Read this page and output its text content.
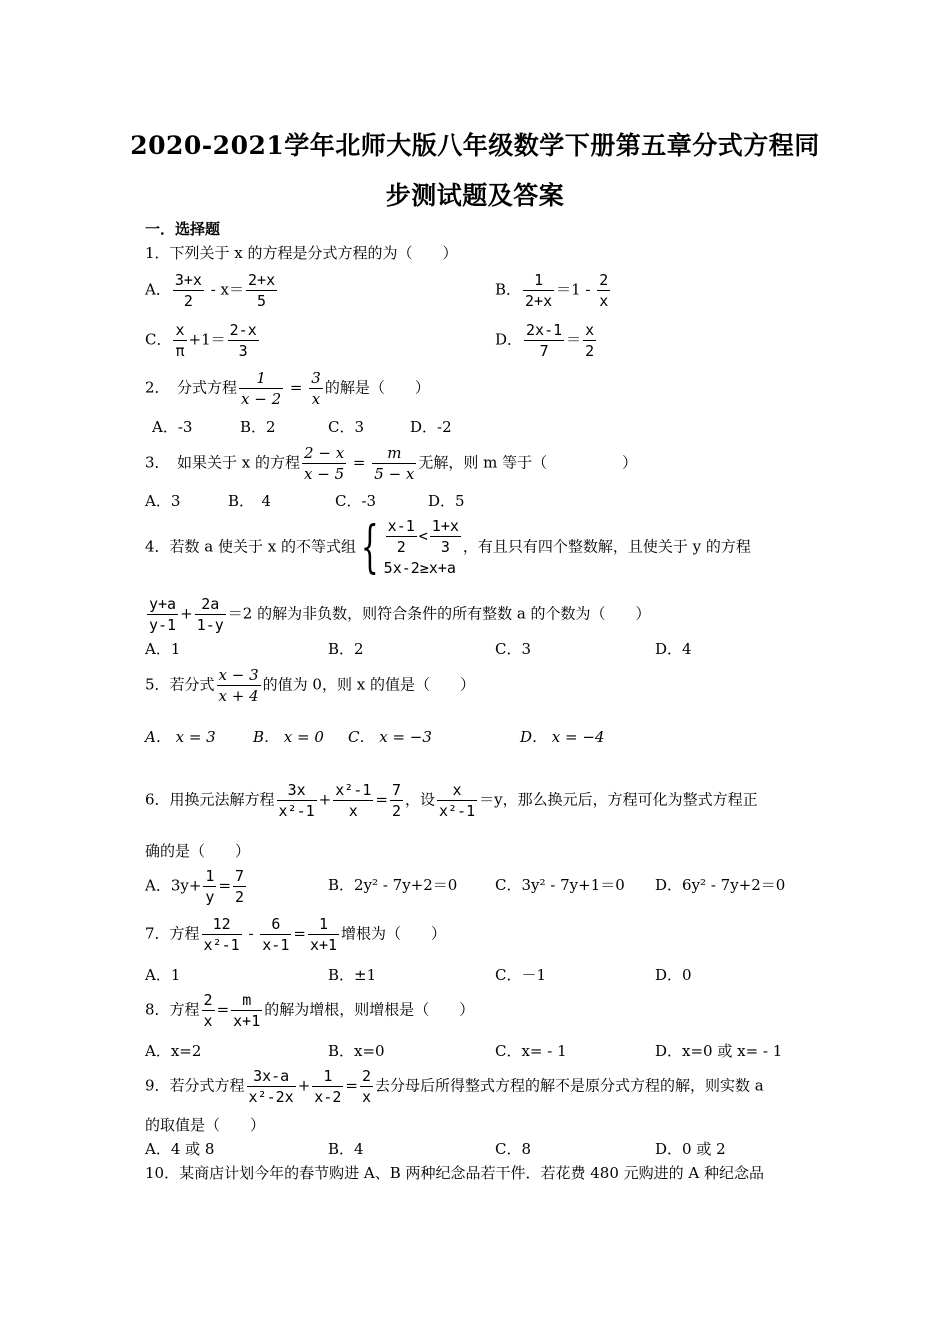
2020-2021学年北师大版八年级数学下册第五章分式方程同
步测试题及答案
一．选择题
1．下列关于 x 的方程是分式方程的为（　　）
A． $\frac{3+x}{2} - x= \frac{2+x}{5}$	B． $\frac{1}{2+x} =1 - \frac{2}{x}$
C． $\frac{x}{\pi} +1= \frac{2-x}{3}$	D． $\frac{2x-1}{7} = \frac{x}{2}$
2．　分式方程 $\frac{1}{x - 2} = \frac{3}{x}$ 的解是（　　）
A．-3	B．2	C．3	D．-2
3．　如果关于 x 的方程 $\frac{2 - x}{x - 5} = \frac{m}{5 - x}$ 无解，则 m 等于（　　　　　）
A．3	B．　4	C．-3	D．5
4．若数 a 使关于 x 的不等式组{ $\frac{x-1}{2} < \frac{1+x}{3}$
5x-2≥x+a
，有且只有四个整数解，且使关于 y 的方程
$\frac{y+a}{y-1} + \frac{2a}{1-y} =2$ 的解为非负数，则符合条件的所有整数 a 的个数为（　　）
A．1	B．2	C．3	D．4
5．若分式 $\frac{x - 3}{x + 4}$ 的值为 0，则 x 的值是（　　）
A． x = 3 B． x = 0 C． x = −3	D． x = −4
6．用换元法解方程 $\frac{3x}{\text{x²-1}} + \frac{\text{x²-1}}{x} = \frac{7}{2}$ ，设 $\frac{x}{\text{x²-1}} =y$，那么换元后，方程可化为整式方程正
确的是（　　）
A．$3y+ \frac{1}{y} = \frac{7}{2}$	B．2y² - 7y+2＝0	C．3y² - 7y+1＝0 D．6y² - 7y+2＝0
7．方程 $\frac{12}{\text{x²-1}} - \frac{6}{x-1} = \frac{1}{x+1}$ 增根为（　　）
A．1	B．±1	C．－1	D．0
8．方程 $\frac{2}{x} = \frac{m}{x+1}$ 的解为增根，则增根是（　　）
A．x=2	B．x=0	C．x= - 1	D．x=0 或 x= - 1
9．若分式方程 $\frac{3x-a}{\text{x²-2x}} + \frac{1}{x-2} = \frac{2}{x}$ 去分母后所得整式方程的解不是原分式方程的解，则实数 a
的取值是（　　）
A．4 或 8	B．4	C．8	D．0 或 2
10．某商店计划今年的春节购进 A、B 两种纪念品若干件．若花费 480 元购进的 A 种纪念品
